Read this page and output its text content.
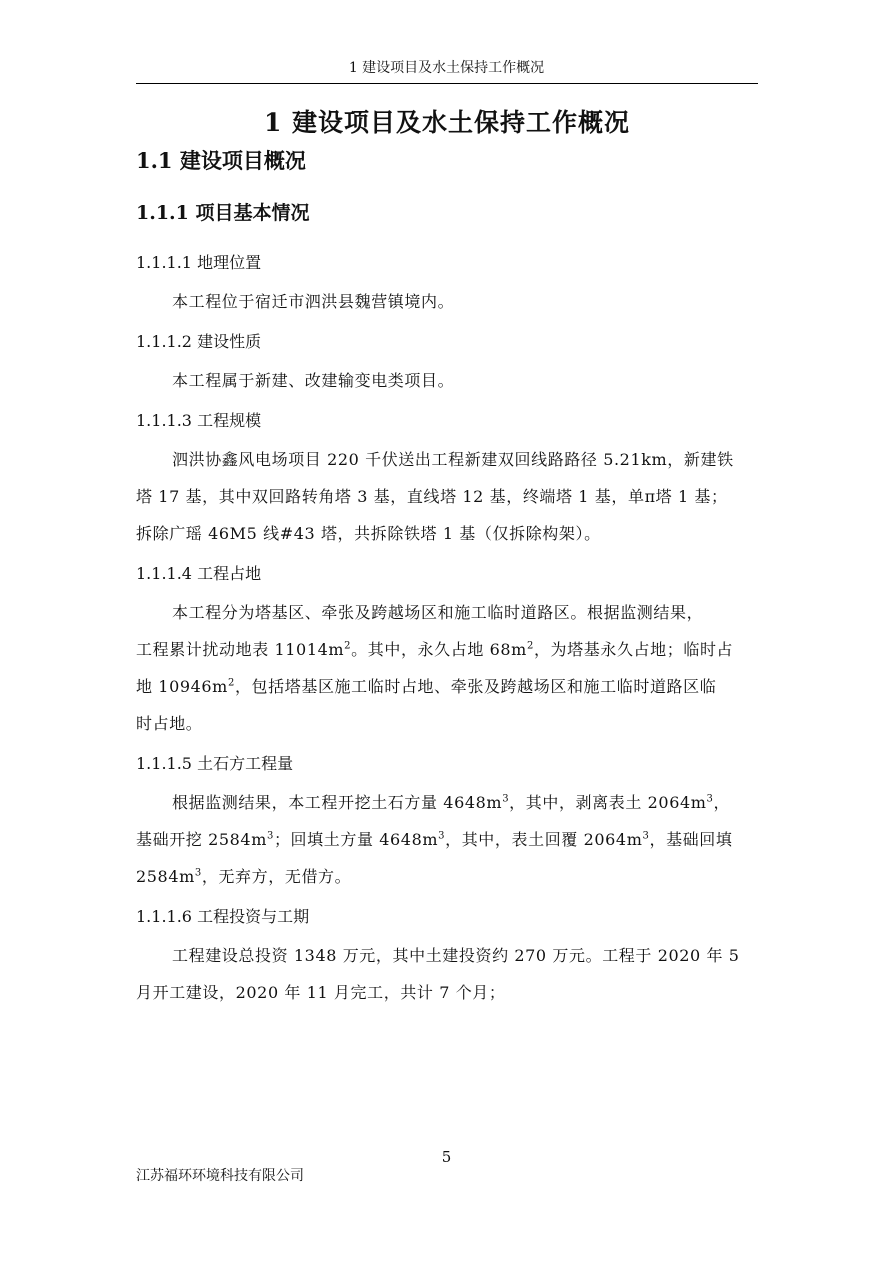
1 建设项目及水土保持工作概况
1 建设项目及水土保持工作概况
1.1 建设项目概况
1.1.1 项目基本情况
1.1.1.1 地理位置
本工程位于宿迁市泗洪县魏营镇境内。
1.1.1.2 建设性质
本工程属于新建、改建输变电类项目。
1.1.1.3 工程规模
泗洪协鑫风电场项目 220 千伏送出工程新建双回线路路径 5.21km，新建铁
塔 17 基，其中双回路转角塔 3 基，直线塔 12 基，终端塔 1 基，单π塔 1 基；
拆除广瑶 46M5 线#43 塔，共拆除铁塔 1 基（仅拆除构架）。
1.1.1.4 工程占地
本工程分为塔基区、牵张及跨越场区和施工临时道路区。根据监测结果，
工程累计扰动地表 $11014m^2$。其中，永久占地 $68m^2$，为塔基永久占地；临时占
地 $10946m^2$，包括塔基区施工临时占地、牵张及跨越场区和施工临时道路区临
时占地。
1.1.1.5 土石方工程量
根据监测结果，本工程开挖土石方量 $4648m^3$，其中，剥离表土 $2064m^3$，
基础开挖 $2584m^3$；回填土方量 $4648m^3$，其中，表土回覆 $2064m^3$，基础回填
$2584m^3$，无弃方，无借方。
1.1.1.6 工程投资与工期
工程建设总投资 1348 万元，其中土建投资约 270 万元。工程于 2020 年 5
月开工建设，2020 年 11 月完工，共计 7 个月；
5
江苏福环环境科技有限公司
